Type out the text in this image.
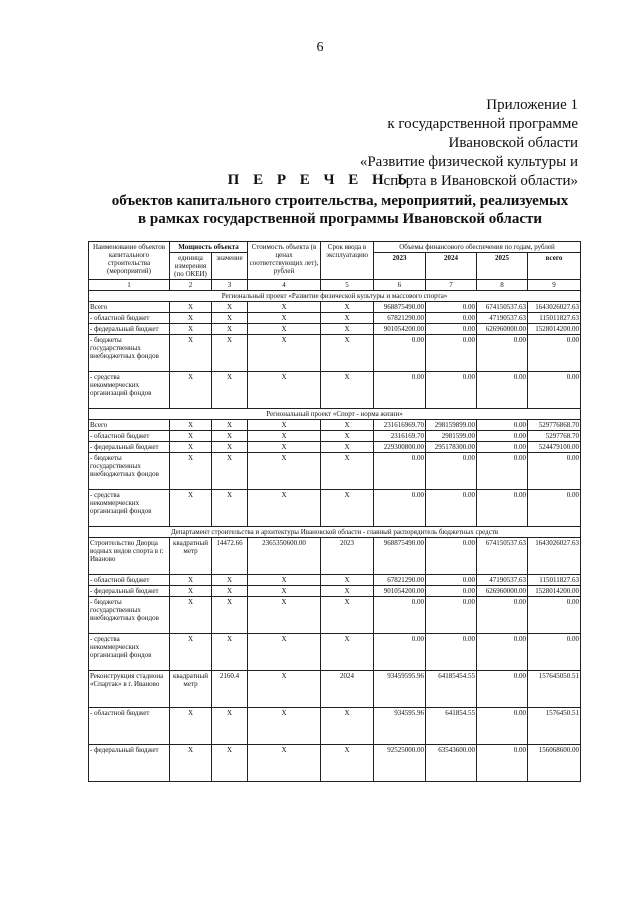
6
Приложение 1
к государственной программе
Ивановской области
«Развитие физической культуры и
спорта в Ивановской области»
П Е Р Е Ч Е Н Ь
объектов капитального строительства, мероприятий, реализуемых
в рамках государственной программы Ивановской области
Наименование объектов капитального строительства (мероприятий)	Мощность объекта		Стоимость объекта (в ценах соответствующих лет), рублей	Срок ввода в эксплуатацию	Объемы финансового обеспечения по годам, рублей			
	единица измерения (по ОКЕИ)	значение			2023	2024	2025	всего
1	2	3	4	5	6	7	8	9
Региональный проект «Развитие физической культуры и массового спорта»								
Всего	X	X	X	X	968875490.00	0.00	674150537.63	1643026027.63
- областной бюджет	X	X	X	X	67821290.00	0.00	47190537.63	115011827.63
- федеральный бюджет	X	X	X	X	901054200.00	0.00	626960000.00	1528014200.00
- бюджеты государственных внебюджетных фондов	X	X	X	X	0.00	0.00	0.00	0.00
- средства некоммерческих организаций фондов	X	X	X	X	0.00	0.00	0.00	0.00
Региональный проект «Спорт - норма жизни»								
Всего	X	X	X	X	231616969.70	298159899.00	0.00	529776868.70
- областной бюджет	X	X	X	X	2316169.70	2981599.00	0.00	5297768.70
- федеральный бюджет	X	X	X	X	229300800.00	295178300.00	0.00	524479100.00
- бюджеты государственных внебюджетных фондов	X	X	X	X	0.00	0.00	0.00	0.00
- средства некоммерческих организаций фондов	X	X	X	X	0.00	0.00	0.00	0.00
Департамент строительства и архитектуры Ивановской области - главный распорядитель бюджетных средств								
Строительство Дворца водных видов спорта в г. Иваново	квадратный метр	14472.66	2365350600.00	2023	968875490.00	0.00	674150537.63	1643026027.63
- областной бюджет	X	X	X	X	67821290.00	0.00	47190537.63	115011827.63
- федеральный бюджет	X	X	X	X	901054200.00	0.00	626960000.00	1528014200.00
- бюджеты государственных внебюджетных фондов	X	X	X	X	0.00	0.00	0.00	0.00
- средства некоммерческих организаций фондов	X	X	X	X	0.00	0.00	0.00	0.00
Реконструкция стадиона «Спартак» в г. Иваново	квадратный метр	2160.4	X	2024	93459595.96	64185454.55	0.00	157645050.51
- областной бюджет	X	X	X	X	934595.96	641854.55	0.00	1576450.51
- федеральный бюджет	X	X	X	X	92525000.00	63543600.00	0.00	156068600.00
